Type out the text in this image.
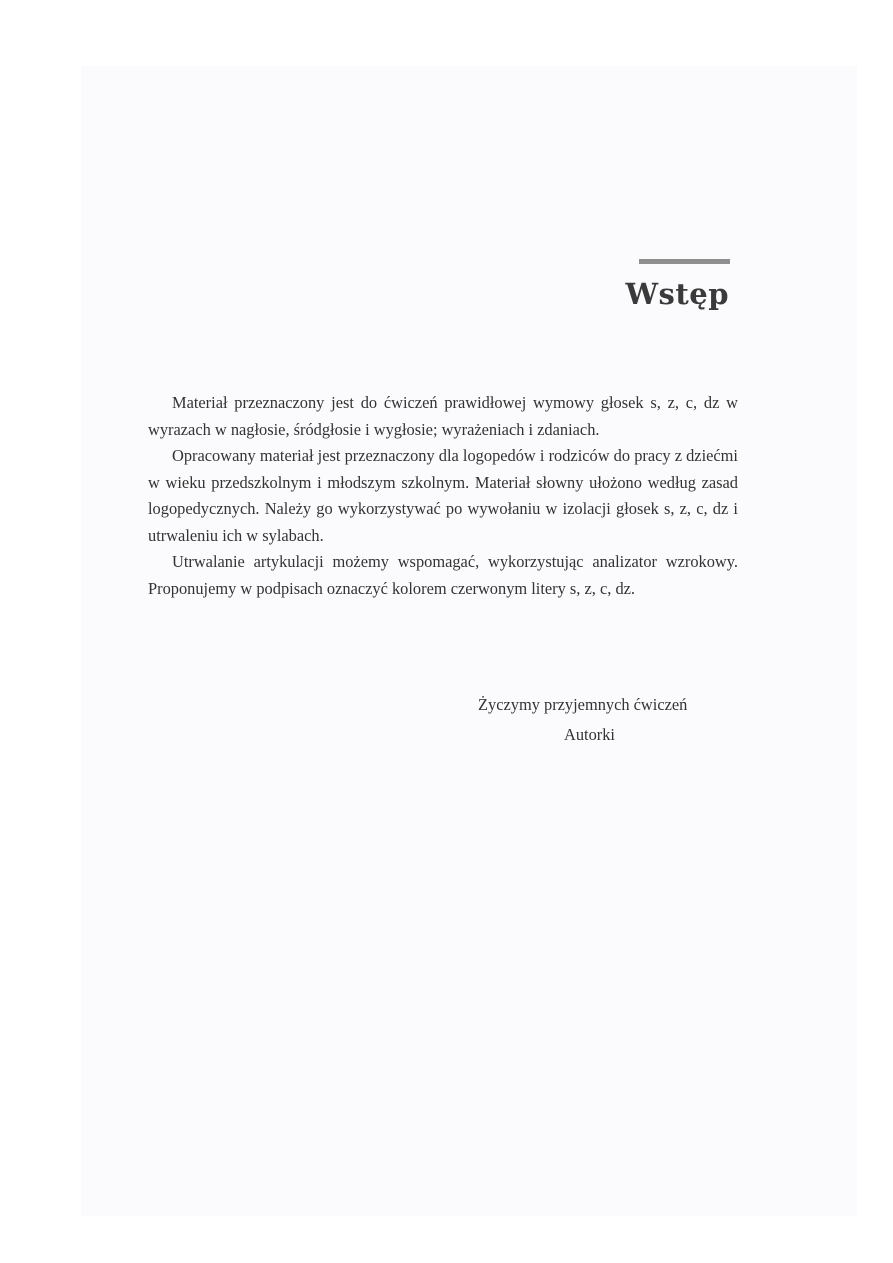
Wstęp

Materiał przeznaczony jest do ćwiczeń prawidłowej wymowy głosek s, z, c, dz w wyrazach w nagłosie, śródgłosie i wygłosie; wyrażeniach i zdaniach.

Opracowany materiał jest przeznaczony dla logopedów i rodziców do pracy z dziećmi w wieku przedszkolnym i młodszym szkolnym. Materiał słowny ułożono według zasad logopedycznych. Należy go wykorzystywać po wywołaniu w izolacji głosek s, z, c, dz i utrwaleniu ich w sylabach.

Utrwalanie artykulacji możemy wspomagać, wykorzystując analizator wzrokowy. Proponujemy w podpisach oznaczyć kolorem czerwonym litery s, z, c, dz.

Życzymy przyjemnych ćwiczeń
Autorki
